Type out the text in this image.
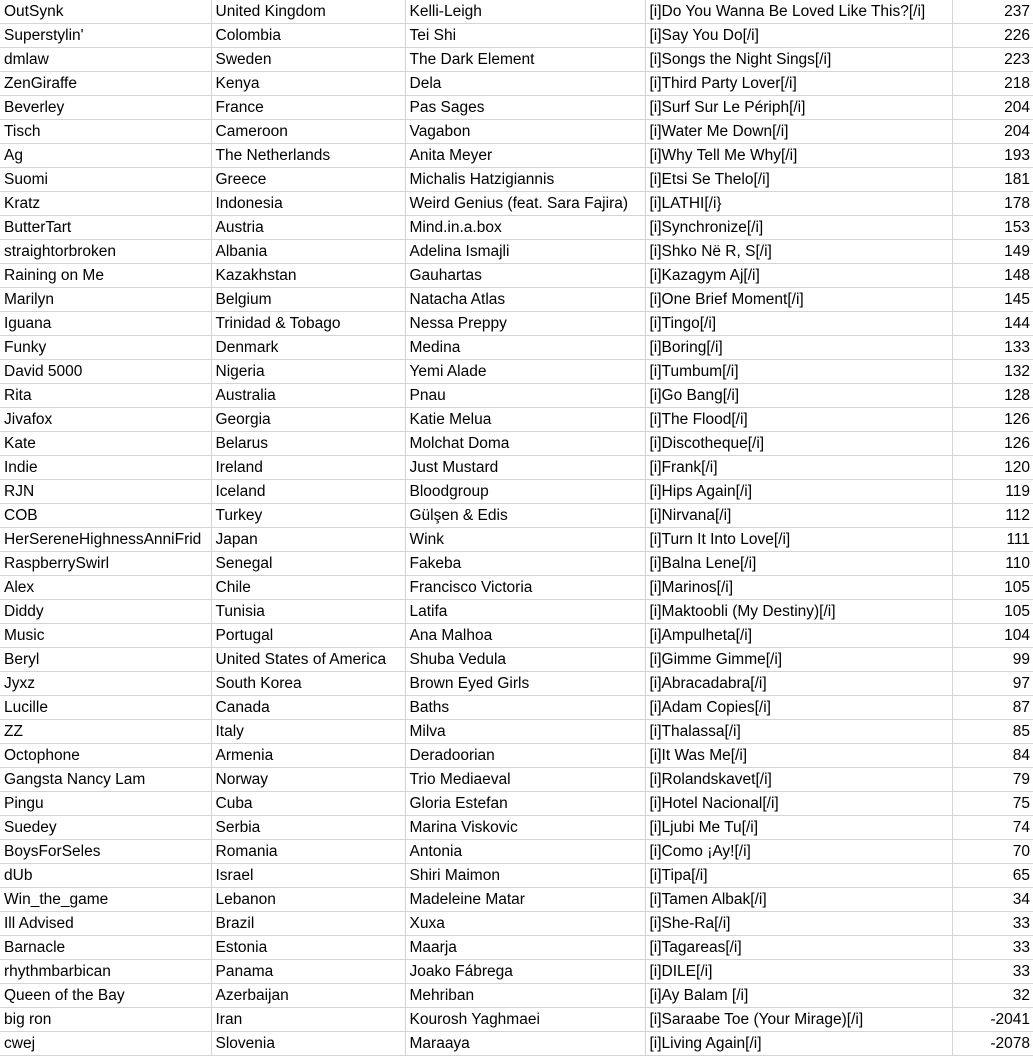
OutSynk	United Kingdom	Kelli-Leigh	[i]Do You Wanna Be Loved Like This?[/i]	237
Superstylin'	Colombia	Tei Shi	[i]Say You Do[/i]	226
dmlaw	Sweden	The Dark Element	[i]Songs the Night Sings[/i]	223
ZenGiraffe	Kenya	Dela	[i]Third Party Lover[/i]	218
Beverley	France	Pas Sages	[i]Surf Sur Le Périph[/i]	204
Tisch	Cameroon	Vagabon	[i]Water Me Down[/i]	204
Ag	The Netherlands	Anita Meyer	[i]Why Tell Me Why[/i]	193
Suomi	Greece	Michalis Hatzigiannis	[i]Etsi Se Thelo[/i]	181
Kratz	Indonesia	Weird Genius (feat. Sara Fajira)	[i]LATHI[/i}	178
ButterTart	Austria	Mind.in.a.box	[i]Synchronize[/i]	153
straightorbroken	Albania	Adelina Ismajli	[i]Shko Në R, S[/i]	149
Raining on Me	Kazakhstan	Gauhartas	[i]Kazagym Aj[/i]	148
Marilyn	Belgium	Natacha Atlas	[i]One Brief Moment[/i]	145
Iguana	Trinidad & Tobago	Nessa Preppy	[i]Tingo[/i]	144
Funky	Denmark	Medina	[i]Boring[/i]	133
David 5000	Nigeria	Yemi Alade	[i]Tumbum[/i]	132
Rita	Australia	Pnau	[i]Go Bang[/i]	128
Jivafox	Georgia	Katie Melua	[i]The Flood[/i]	126
Kate	Belarus	Molchat Doma	[i]Discotheque[/i]	126
Indie	Ireland	Just Mustard	[i]Frank[/i]	120
RJN	Iceland	Bloodgroup	[i]Hips Again[/i]	119
COB	Turkey	Gülşen & Edis	[i]Nirvana[/i]	112
HerSereneHighnessAnniFrid	Japan	Wink	[i]Turn It Into Love[/i]	111
RaspberrySwirl	Senegal	Fakeba	[i]Balna Lene[/i]	110
Alex	Chile	Francisco Victoria	[i]Marinos[/i]	105
Diddy	Tunisia	Latifa	[i]Maktoobli (My Destiny)[/i]	105
Music	Portugal	Ana Malhoa	[i]Ampulheta[/i]	104
Beryl	United States of America	Shuba Vedula	[i]Gimme Gimme[/i]	99
Jyxz	South Korea	Brown Eyed Girls	[i]Abracadabra[/i]	97
Lucille	Canada	Baths	[i]Adam Copies[/i]	87
ZZ	Italy	Milva	[i]Thalassa[/i]	85
Octophone	Armenia	Deradoorian	[i]It Was Me[/i]	84
Gangsta Nancy Lam	Norway	Trio Mediaeval	[i]Rolandskavet[/i]	79
Pingu	Cuba	Gloria Estefan	[i]Hotel Nacional[/i]	75
Suedey	Serbia	Marina Viskovic	[i]Ljubi Me Tu[/i]	74
BoysForSeles	Romania	Antonia	[i]Como ¡Ay![/i]	70
dUb	Israel	Shiri Maimon	[i]Tipa[/i]	65
Win_the_game	Lebanon	Madeleine Matar	[i]Tamen Albak[/i]	34
Ill Advised	Brazil	Xuxa	[i]She-Ra[/i]	33
Barnacle	Estonia	Maarja	[i]Tagareas[/i]	33
rhythmbarbican	Panama	Joako Fábrega	[i]DILE[/i]	33
Queen of the Bay	Azerbaijan	Mehriban	[i]Ay Balam [/i]	32
big ron	Iran	Kourosh Yaghmaei	[i]Saraabe Toe (Your Mirage)[/i]	-2041
cwej	Slovenia	Maraaya	[i]Living Again[/i]	-2078
